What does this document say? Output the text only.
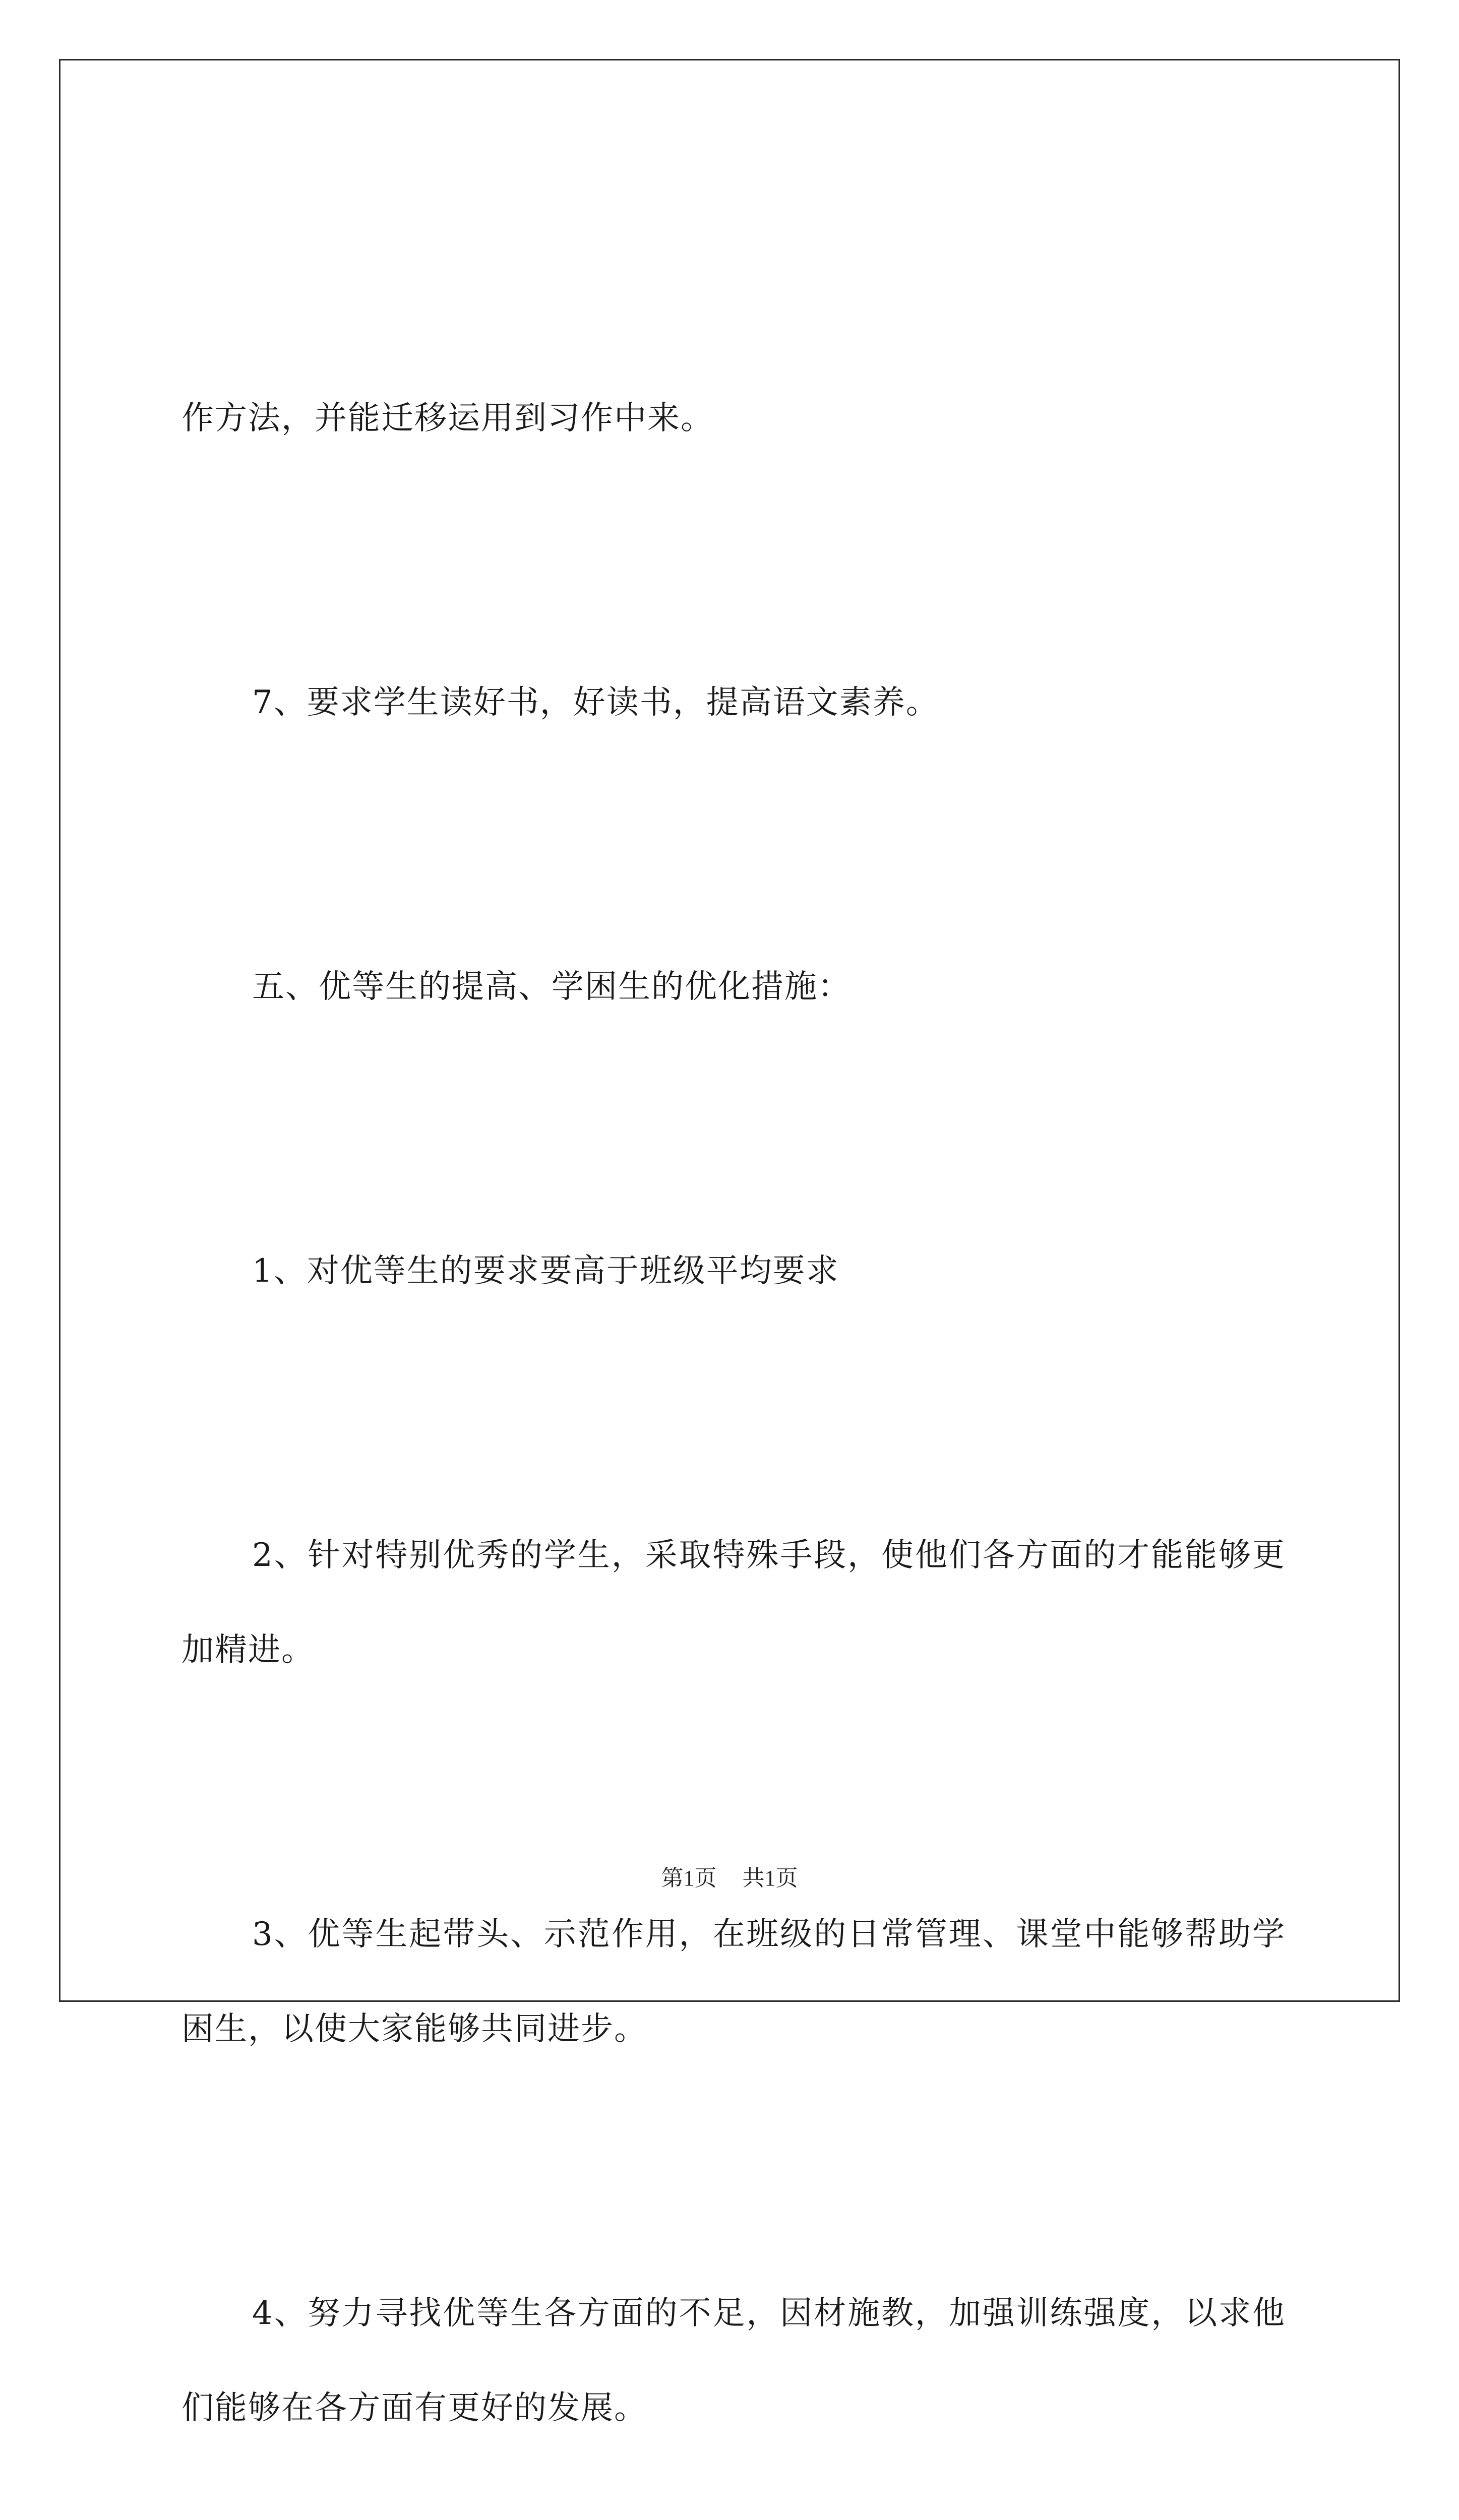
作方法，并能迁移运用到习作中来。

7、要求学生读好书，好读书，提高语文素养。

五、优等生的提高、学困生的优化措施：

1、对优等生的要求要高于班级平均要求

2、针对特别优秀的学生，采取特殊手段，使他们各方面的才能能够更加精进。

3、优等生起带头、示范作用，在班级的日常管理、课堂中能够帮助学困生，以使大家能够共同进步。

4、努力寻找优等生各方面的不足，因材施教，加强训练强度，以求他们能够在各方面有更好的发展。

第1页 共1页
